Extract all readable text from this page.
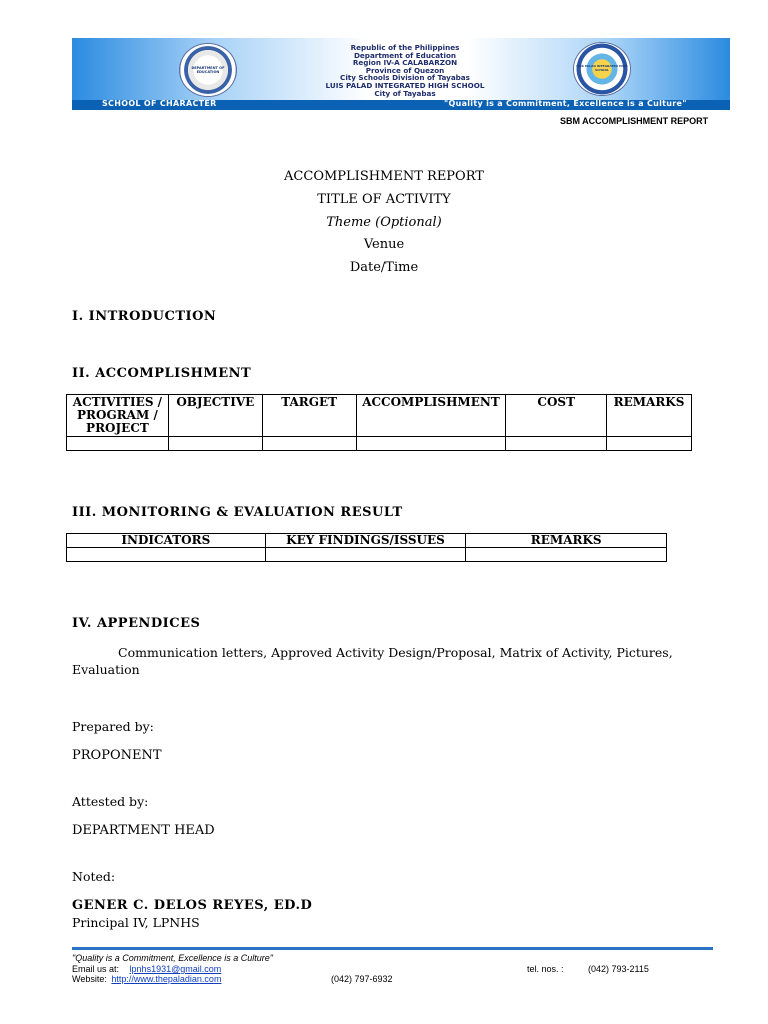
DEPARTMENT OF EDUCATION
Republic of the Philippines
Department of Education
Region IV-A CALABARZON
Province of Quezon
City Schools Division of Tayabas
LUIS PALAD INTEGRATED HIGH SCHOOL
City of Tayabas
LUIS PALAD INTEGRATED HIGH SCHOOL
SCHOOL OF CHARACTER	"Quality is a Commitment, Excellence is a Culture"
SBM ACCOMPLISHMENT REPORT
ACCOMPLISHMENT REPORT
TITLE OF ACTIVITY
Theme (Optional)
Venue
Date/Time
I. INTRODUCTION
II. ACCOMPLISHMENT
ACTIVITIES / PROGRAM / PROJECT	OBJECTIVE	TARGET	ACCOMPLISHMENT	COST	REMARKS

III. MONITORING & EVALUATION RESULT
INDICATORS	KEY FINDINGS/ISSUES	REMARKS

IV. APPENDICES
Communication letters, Approved Activity Design/Proposal, Matrix of Activity, Pictures,
Evaluation
Prepared by:
PROPONENT
Attested by:
DEPARTMENT HEAD
Noted:
GENER C. DELOS REYES, ED.D
Principal IV, LPNHS
"Quality is a Commitment, Excellence is a Culture"
Email us at: lpnhs1931@gmail.com
Website: http://www.thepaladian.com
tel. nos. :	(042) 793-2115
(042) 797-6932
